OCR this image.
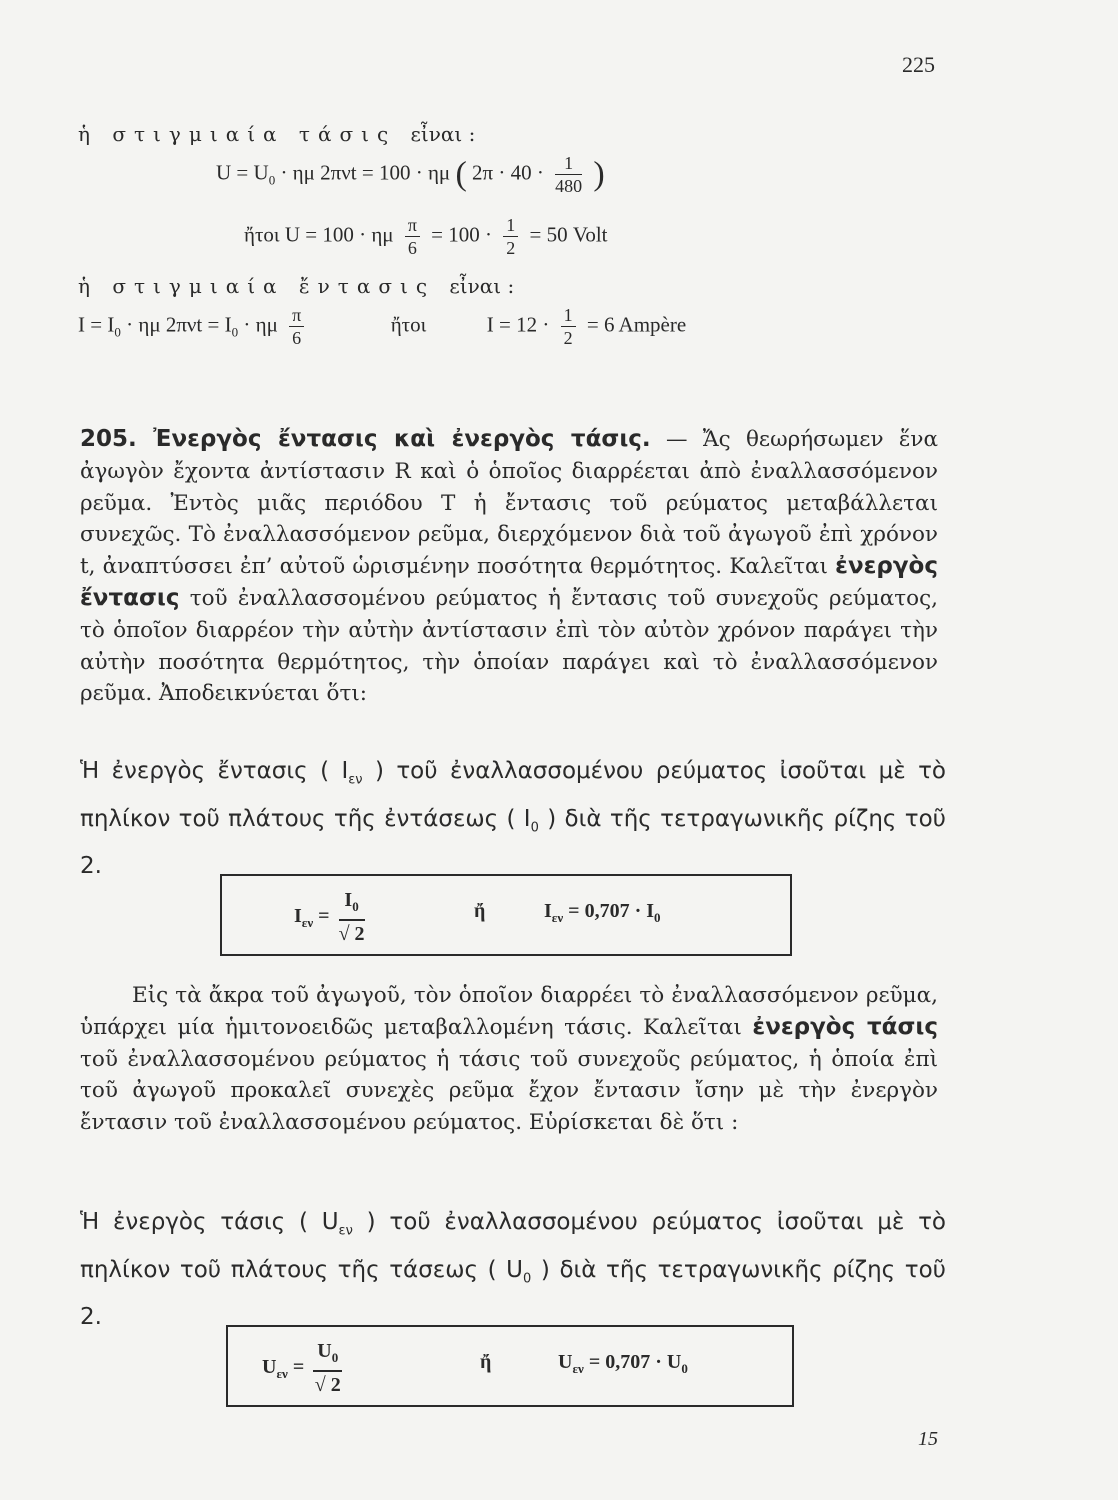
225
ἡ στιγμιαία τάσις εἶναι :
$U = U_0 \cdot \eta\mu$ 2πνt = 100 · ημ ( $2\pi \cdot 40 \cdot \frac{1}{480}$ )
ἤτοι U = 100 · ημ $\frac{\pi}{6} = 100 \cdot \frac{1}{2} = 50$ Volt
ἡ στιγμιαία ἔντασις εἶναι :
$I = I_0 \cdot \eta\mu$ $2\pi\nu t = I_0 \cdot \eta\mu \frac{\pi}{6}$	ἤτοι	$I = 12 \cdot \frac{1}{2} = 6$ Ampère
205. Ἐνεργὸς ἔντασις καὶ ἐνεργὸς τάσις. — Ἄς θεωρήσωμεν ἕνα ἀγωγὸν ἔχοντα ἀντίστασιν R καὶ ὁ ὁποῖος διαρρέεται ἀπὸ ἐναλλασσόμενον ρεῦμα. Ἐντὸς μιᾶς περιόδου T ἡ ἔντασις τοῦ ρεύματος μεταβάλλεται συνεχῶς. Τὸ ἐναλλασσόμενον ρεῦμα, διερχόμενον διὰ τοῦ ἀγωγοῦ ἐπὶ χρόνον t, ἀναπτύσσει ἐπ’ αὐτοῦ ὡρισμένην ποσότητα θερμότητος. Καλεῖται ἐνεργὸς ἔντασις τοῦ ἐναλλασσομένου ρεύματος ἡ ἔντασις τοῦ συνεχοῦς ρεύματος, τὸ ὁποῖον διαρρέον τὴν αὐτὴν ἀντίστασιν ἐπὶ τὸν αὐτὸν χρόνον παράγει τὴν αὐτὴν ποσότητα θερμότητος, τὴν ὁποίαν παράγει καὶ τὸ ἐναλλασσόμενον ρεῦμα. Ἀποδεικνύεται ὅτι:
Ἡ ἐνεργὸς ἔντασις ( $I_{\varepsilon\nu}$ ) τοῦ ἐναλλασσομένου ρεύματος ἰσοῦται μὲ τὸ πηλίκον τοῦ πλάτους τῆς ἐντάσεως ( $I_0$ ) διὰ τῆς τετραγωνικῆς ρίζης τοῦ 2.
$I_{\varepsilon\nu} = \frac{I_0}{√ 2}$	ἤ	$I_{\varepsilon\nu} = 0,707 \cdot I_0$
Εἰς τὰ ἄκρα τοῦ ἀγωγοῦ, τὸν ὁποῖον διαρρέει τὸ ἐναλλασσόμενον ρεῦμα, ὑπάρχει μία ἡμιτονοειδῶς μεταβαλλομένη τάσις. Καλεῖται ἐνεργὸς τάσις τοῦ ἐναλλασσομένου ρεύματος ἡ τάσις τοῦ συνεχοῦς ρεύματος, ἡ ὁποία ἐπὶ τοῦ ἀγωγοῦ προκαλεῖ συνεχὲς ρεῦμα ἔχον ἔντασιν ἴσην μὲ τὴν ἐνεργὸν ἔντασιν τοῦ ἐναλλασσομένου ρεύματος. Εὑρίσκεται δὲ ὅτι :
Ἡ ἐνεργὸς τάσις ( $U_{\varepsilon\nu}$ ) τοῦ ἐναλλασσομένου ρεύματος ἰσοῦται μὲ τὸ πηλίκον τοῦ πλάτους τῆς τάσεως ( $U_0$ ) διὰ τῆς τετραγωνικῆς ρίζης τοῦ 2.
$U_{\varepsilon\nu} = \frac{U_0}{√ 2}$	ἤ	$U_{\varepsilon\nu} = 0,707 \cdot U_0$
15
